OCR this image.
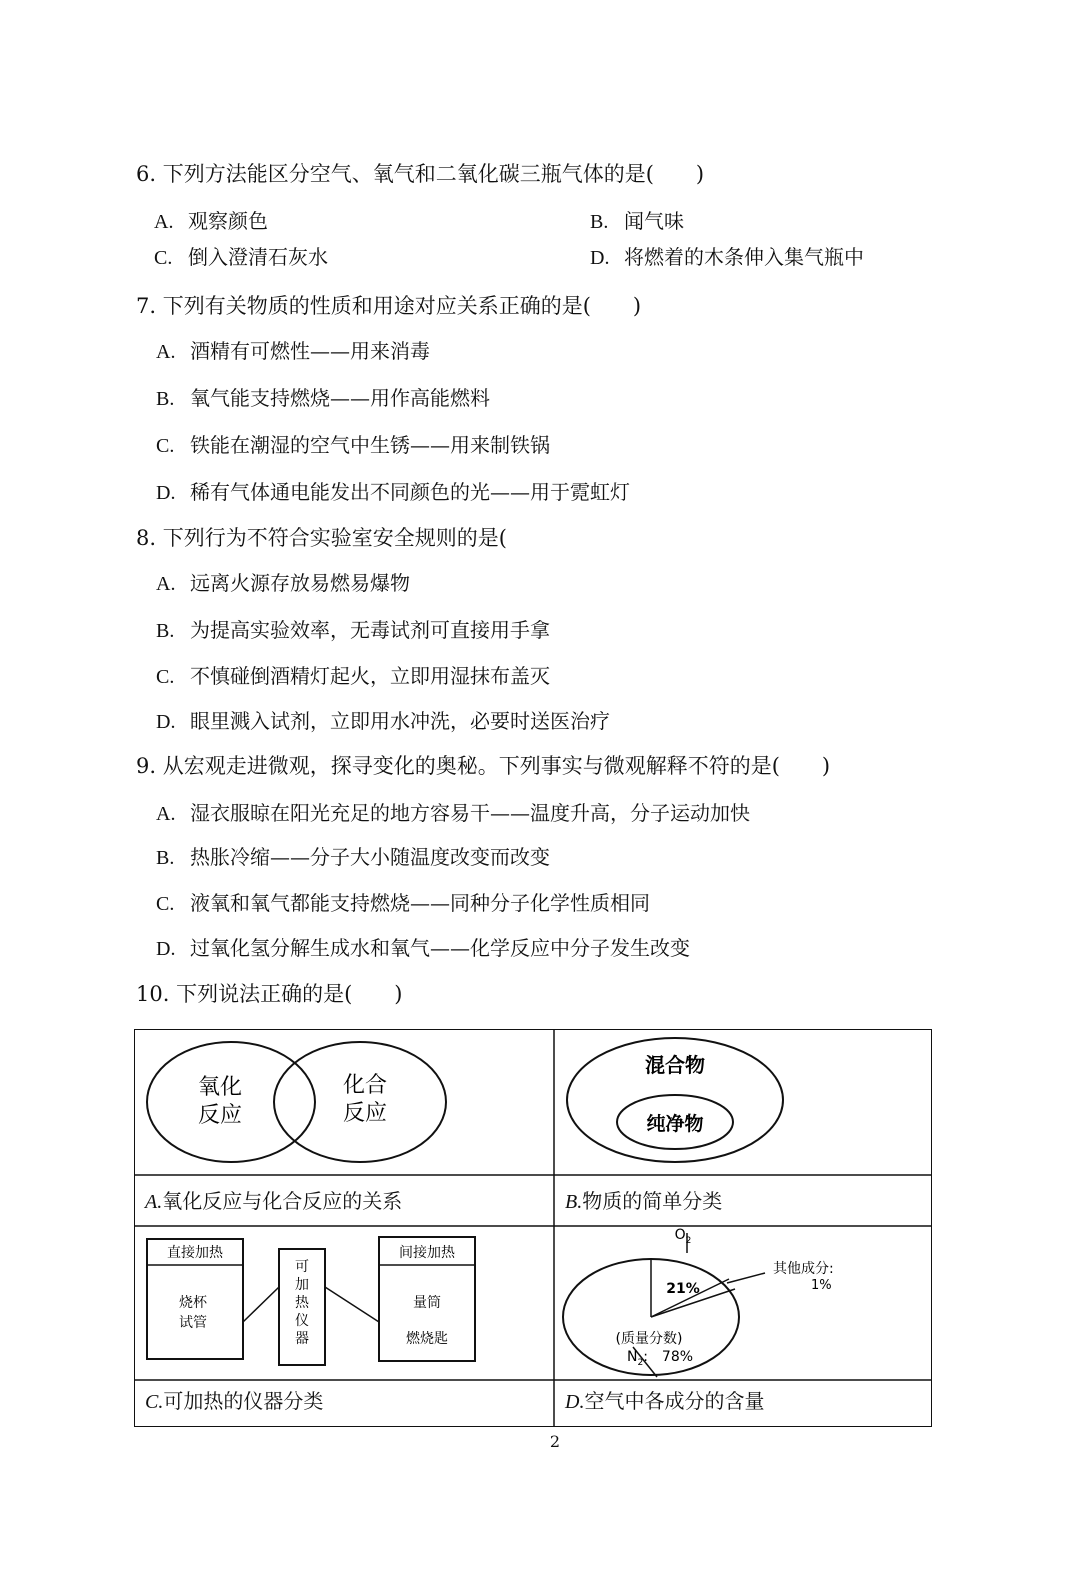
6. 下列方法能区分空气、氧气和二氧化碳三瓶气体的是(　　)
A. 观察颜色	B. 闻气味
C. 倒入澄清石灰水	D. 将燃着的木条伸入集气瓶中
7. 下列有关物质的性质和用途对应关系正确的是(　　)
A. 酒精有可燃性——用来消毒
B. 氧气能支持燃烧——用作高能燃料
C. 铁能在潮湿的空气中生锈——用来制铁锅
D. 稀有气体通电能发出不同颜色的光——用于霓虹灯
8. 下列行为不符合实验室安全规则的是(
A. 远离火源存放易燃易爆物
B. 为提高实验效率，无毒试剂可直接用手拿
C. 不慎碰倒酒精灯起火，立即用湿抹布盖灭
D. 眼里溅入试剂，立即用水冲洗，必要时送医治疗
9. 从宏观走进微观，探寻变化的奥秘。下列事实与微观解释不符的是(　　)
A. 湿衣服晾在阳光充足的地方容易干——温度升高，分子运动加快
B. 热胀冷缩——分子大小随温度改变而改变
C. 液氧和氧气都能支持燃烧——同种分子化学性质相同
D. 过氧化氢分解生成水和氧气——化学反应中分子发生改变
10. 下列说法正确的是(　　)
氧化
反应
化合
反应
混合物
纯净物
A.氧化反应与化合反应的关系	B.物质的简单分类
直接加热
烧杯
试管
可
加
热
仪
器
间接加热
量筒
燃烧匙
$O_2$
21%
其他成分:
1%
(质量分数)
$N_2$:　78%
C.可加热的仪器分类	D.空气中各成分的含量
2
